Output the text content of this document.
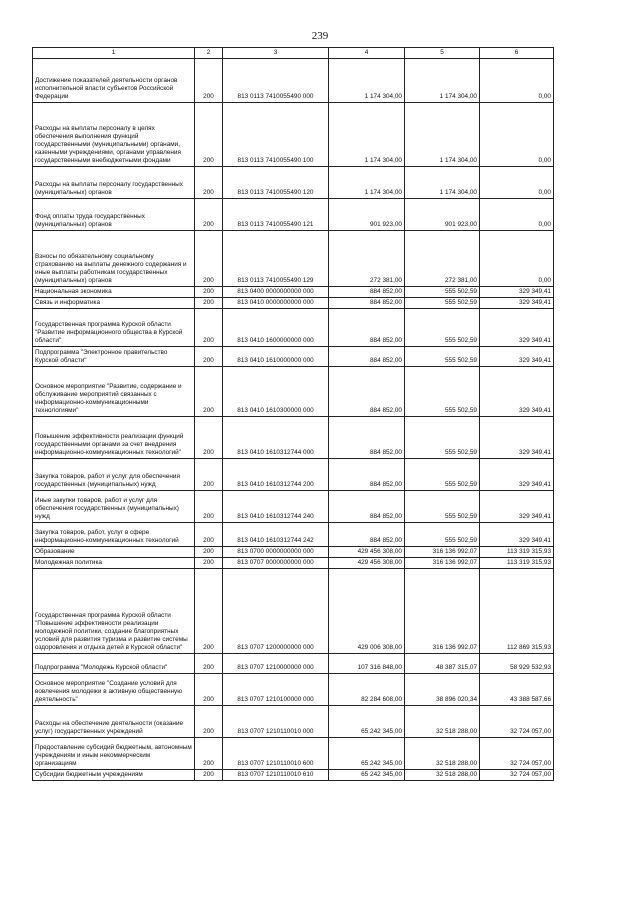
239
1	2	3	4	5	6
Достижение показателей деятельности органов исполнительной власти субъектов Российской Федерации	200	813 0113 7410055490 000	1 174 304,00	1 174 304,00	0,00
Расходы на выплаты персоналу в целях обеспечения выполнения функций государственными (муниципальными) органами, казенными учреждениями, органами управления государственными внебюджетными фондами	200	813 0113 7410055490 100	1 174 304,00	1 174 304,00	0,00
Расходы на выплаты персоналу государственных (муниципальных) органов	200	813 0113 7410055490 120	1 174 304,00	1 174 304,00	0,00
Фонд оплаты труда государственных (муниципальных) органов	200	813 0113 7410055490 121	901 923,00	901 923,00	0,00
Взносы по обязательному социальному страхованию на выплаты денежного содержания и иные выплаты работникам государственных (муниципальных) органов	200	813 0113 7410055490 129	272 381,00	272 381,00	0,00
Национальная экономика	200	813 0400 0000000000 000	884 852,00	555 502,59	329 349,41
Связь и информатика	200	813 0410 0000000000 000	884 852,00	555 502,59	329 349,41
Государственная программа Курской области "Развитие информационного общества в Курской области"	200	813 0410 1600000000 000	884 852,00	555 502,59	329 349,41
Подпрограмма "Электронное правительство Курской области"	200	813 0410 1610000000 000	884 852,00	555 502,59	329 349,41
Основное мероприятие "Развитие, содержание и обслуживание мероприятий связанных с информационно-коммуникационными технологиями"	200	813 0410 1610300000 000	884 852,00	555 502,59	329 349,41
Повышение эффективности реализации функций государственными органами за счет внедрения информационно-коммуникационных технологий"	200	813 0410 1610312744 000	884 852,00	555 502,59	329 349,41
Закупка товаров, работ и услуг для обеспечения государственных (муниципальных) нужд	200	813 0410 1610312744 200	884 852,00	555 502,59	329 349,41
Иные закупки товаров, работ и услуг для обеспечения государственных (муниципальных) нужд	200	813 0410 1610312744 240	884 852,00	555 502,59	329 349,41
Закупка товаров, работ, услуг в сфере информационно-коммуникационных технологий	200	813 0410 1610312744 242	884 852,00	555 502,59	329 349,41
Образование	200	813 0700 0000000000 000	429 456 308,00	316 136 992,07	113 319 315,93
Молодежная политика	200	813 0707 0000000000 000	429 456 308,00	316 136 992,07	113 319 315,93
Государственная программа Курской области "Повышение эффективности реализации молодежной политики, создание благоприятных условий для развития туризма и развитие системы оздоровления и отдыха детей в Курской области"	200	813 0707 1200000000 000	429 006 308,00	316 136 992,07	112 869 315,93
Подпрограмма "Молодежь Курской области"	200	813 0707 1210000000 000	107 316 848,00	48 387 315,07	58 929 532,93
Основное мероприятие "Создание условий для вовлечения молодежи в активную общественную деятельность"	200	813 0707 1210100000 000	82 284 608,00	38 896 020,34	43 388 587,66
Расходы на обеспечение деятельности (оказание услуг) государственных учреждений	200	813 0707 1210110010 000	65 242 345,00	32 518 288,00	32 724 057,00
Предоставление субсидий бюджетным, автономным учреждениям и иным некоммерческим организациям	200	813 0707 1210110010 600	65 242 345,00	32 518 288,00	32 724 057,00
Субсидии бюджетным учреждениям	200	813 0707 1210110010 610	65 242 345,00	32 518 288,00	32 724 057,00
